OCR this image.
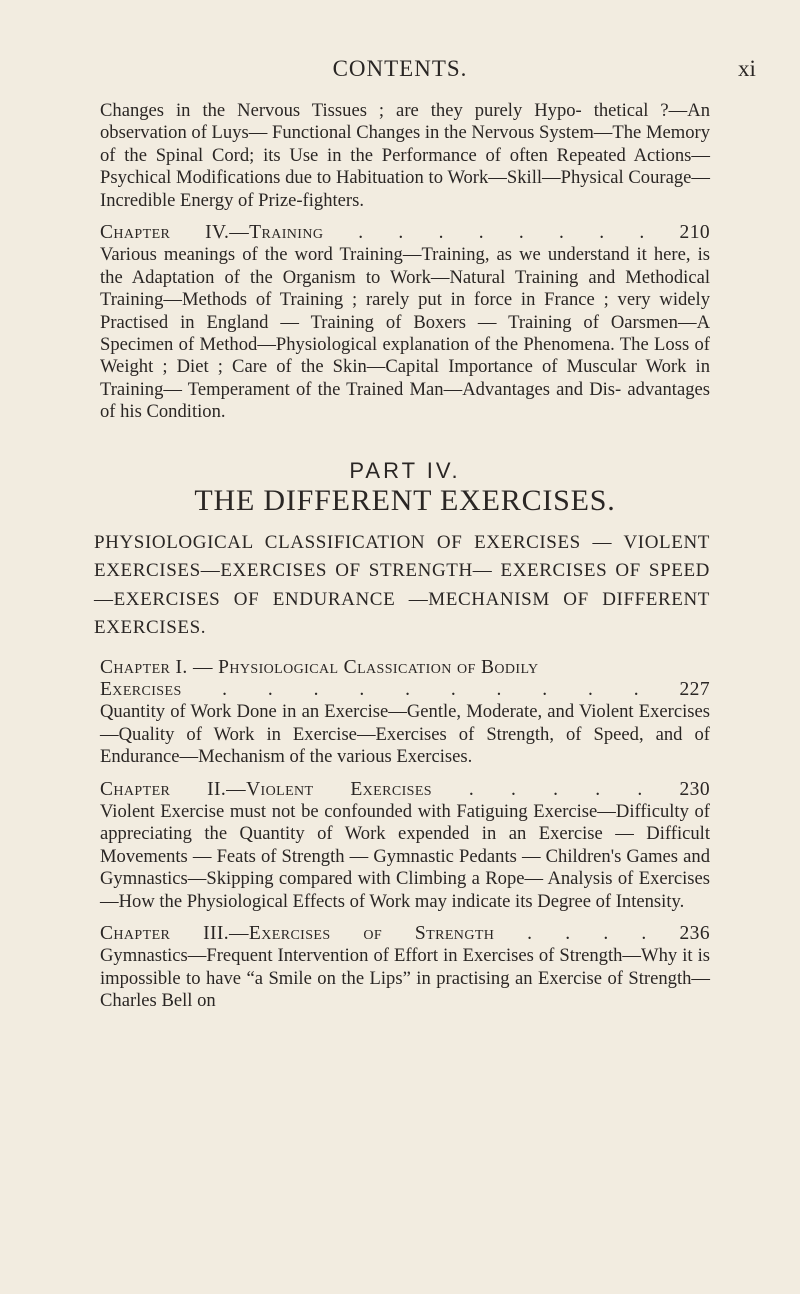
CONTENTS.	xi

Changes in the Nervous Tissues ; are they purely Hypo- thetical ?—An observation of Luys— Functional Changes in the Nervous System—The Memory of the Spinal Cord; its Use in the Performance of often Repeated Actions—Psychical Modifications due to Habituation to Work—Skill—Physical Courage—Incredible Energy of Prize-fighters.

Chapter IV.—Training . . . . . . . . 210

Various meanings of the word Training—Training, as we understand it here, is the Adaptation of the Organism to Work—Natural Training and Methodical Training—Methods of Training ; rarely put in force in France ; very widely Practised in England — Training of Boxers — Training of Oarsmen—A Specimen of Method—Physiological explanation of the Phenomena. The Loss of Weight ; Diet ; Care of the Skin—Capital Importance of Muscular Work in Training— Temperament of the Trained Man—Advantages and Dis- advantages of his Condition.

PART IV.
THE DIFFERENT EXERCISES.

PHYSIOLOGICAL CLASSIFICATION OF EXERCISES — VIOLENT EXERCISES—EXERCISES OF STRENGTH— EXERCISES OF SPEED—EXERCISES OF ENDURANCE —MECHANISM OF DIFFERENT EXERCISES.

Chapter I. — Physiological Classication of Bodily
Exercises . . . . . . . . . . 227

Quantity of Work Done in an Exercise—Gentle, Moderate, and Violent Exercises—Quality of Work in Exercise—Exercises of Strength, of Speed, and of Endurance—Mechanism of the various Exercises.

Chapter II.—Violent Exercises . . . . . 230

Violent Exercise must not be confounded with Fatiguing Exercise—Difficulty of appreciating the Quantity of Work expended in an Exercise — Difficult Movements — Feats of Strength — Gymnastic Pedants — Children's Games and Gymnastics—Skipping compared with Climbing a Rope— Analysis of Exercises—How the Physiological Effects of Work may indicate its Degree of Intensity.

Chapter III.—Exercises of Strength . . . . 236

Gymnastics—Frequent Intervention of Effort in Exercises of Strength—Why it is impossible to have “a Smile on the Lips” in practising an Exercise of Strength—Charles Bell on
